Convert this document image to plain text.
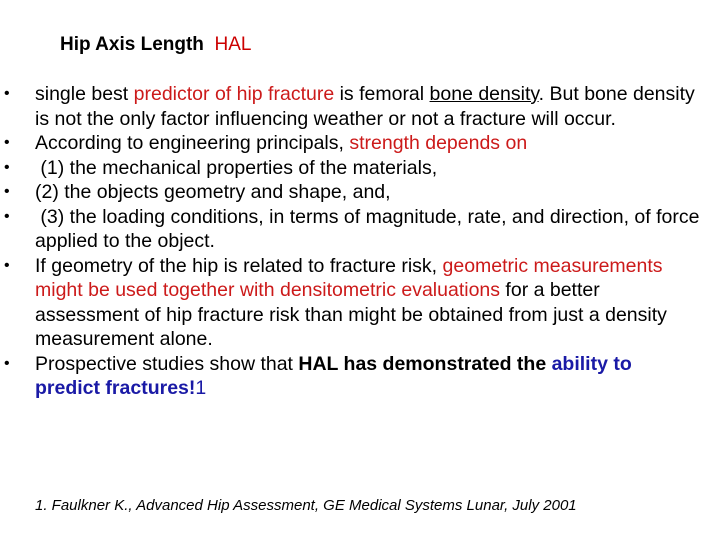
Hip Axis Length HAL
• single best predictor of hip fracture is femoral bone density. But bone density is not the only factor influencing weather or not a fracture will occur.
• According to engineering principals, strength depends on
• (1) the mechanical properties of the materials,
• (2) the objects geometry and shape, and,
• (3) the loading conditions, in terms of magnitude, rate, and direction, of force applied to the object.
• If geometry of the hip is related to fracture risk, geometric measurements might be used together with densitometric evaluations for a better assessment of hip fracture risk than might be obtained from just a density measurement alone.
• Prospective studies show that HAL has demonstrated the ability to predict fractures!1
1. Faulkner K., Advanced Hip Assessment, GE Medical Systems Lunar, July 2001
